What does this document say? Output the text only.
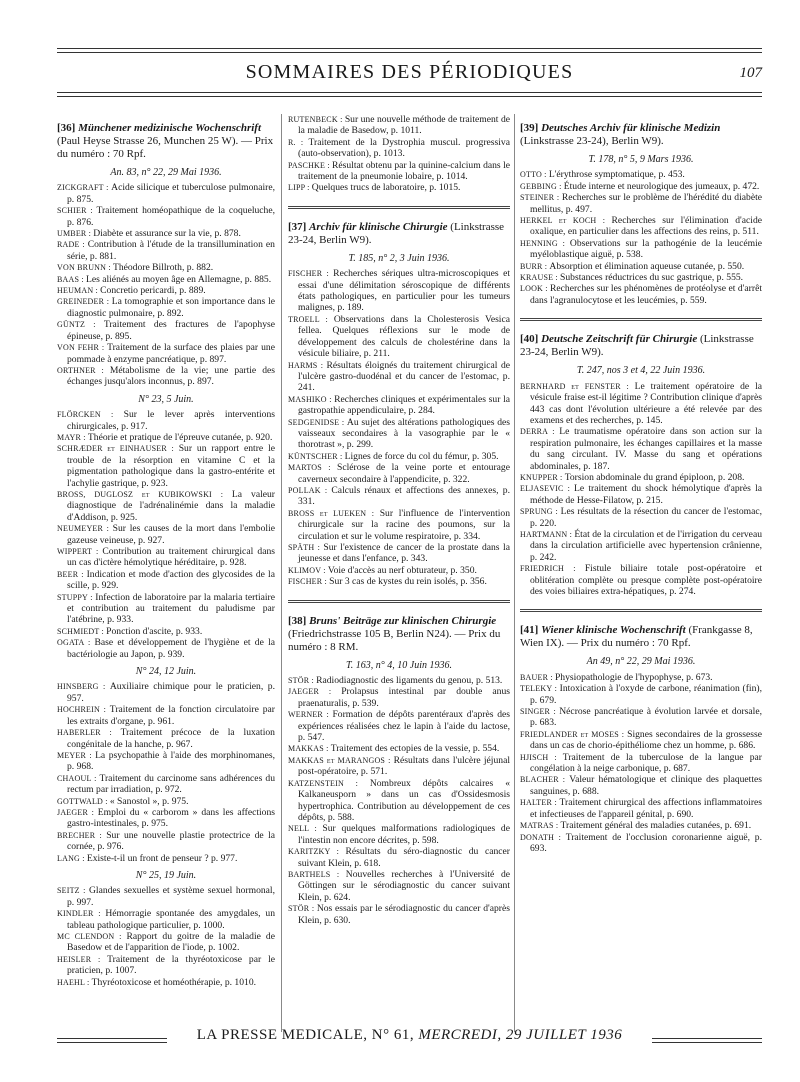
SOMMAIRES DES PÉRIODIQUES	107
[36] Münchener medizinische Wochenschrift (Paul Heyse Strasse 26, Munchen 25 W). — Prix du numéro : 70 Rpf.
An. 83, n° 22, 29 Mai 1936.

ZICKGRAFT : Acide silicique et tuberculose pulmonaire, p. 875.

SCHIER : Traitement homéopathique de la coqueluche, p. 876.

UMBER : Diabète et assurance sur la vie, p. 878.

RADE : Contribution à l'étude de la transillumination en série, p. 881.

VON BRUNN : Théodore Billroth, p. 882.

BAAS : Les aliénés au moyen âge en Allemagne, p. 885.

HEUMAN : Concretio pericardi, p. 889.

GREINEDER : La tomographie et son importance dans le diagnostic pulmonaire, p. 892.

GÜNTZ : Traitement des fractures de l'apophyse épineuse, p. 895.

VON FEHR : Traitement de la surface des plaies par une pommade à enzyme pancréatique, p. 897.

ORTHNER : Métabolisme de la vie; une partie des échanges jusqu'alors inconnus, p. 897.

N° 23, 5 Juin.

FLÖRCKEN : Sur le lever après interventions chirurgicales, p. 917.

MAYR : Théorie et pratique de l'épreuve cutanée, p. 920.

SCHRÆDER et EINHAUSER : Sur un rapport entre le trouble de la résorption en vitamine C et la pigmentation pathologique dans la gastro-entérite et l'achylie gastrique, p. 923.

BROSS, DUGLOSZ et KUBIKOWSKI : La valeur diagnostique de l'adrénalinémie dans la maladie d'Addison, p. 925.

NEUMEYER : Sur les causes de la mort dans l'embolie gazeuse veineuse, p. 927.

WIPPERT : Contribution au traitement chirurgical dans un cas d'ictère hémolytique héréditaire, p. 928.

BEER : Indication et mode d'action des glycosides de la scille, p. 929.

STUPPY : Infection de laboratoire par la malaria tertiaire et contribution au traitement du paludisme par l'atébrine, p. 933.

SCHMIEDT : Ponction d'ascite, p. 933.

OGATA : Base et développement de l'hygiène et de la bactériologie au Japon, p. 939.

N° 24, 12 Juin.

HINSBERG : Auxiliaire chimique pour le praticien, p. 957.

HOCHREIN : Traitement de la fonction circulatoire par les extraits d'organe, p. 961.

HABERLER : Traitement précoce de la luxation congénitale de la hanche, p. 967.

MEYER : La psychopathie à l'aide des morphinomanes, p. 968.

CHAOUL : Traitement du carcinome sans adhérences du rectum par irradiation, p. 972.

GOTTWALD : « Sanostol », p. 975.

JAEGER : Emploi du « carborom » dans les affections gastro-intestinales, p. 975.

BRECHER : Sur une nouvelle plastie protectrice de la cornée, p. 976.

LANG : Existe-t-il un front de penseur ? p. 977.

N° 25, 19 Juin.

SEITZ : Glandes sexuelles et système sexuel hormonal, p. 997.

KINDLER : Hémorragie spontanée des amygdales, un tableau pathologique particulier, p. 1000.

MC CLENDON : Rapport du goitre de la maladie de Basedow et de l'apparition de l'iode, p. 1002.

HEISLER : Traitement de la thyréotoxicose par le praticien, p. 1007.

HAEHL : Thyréotoxicose et homéothérapie, p. 1010.

RUTENBECK : Sur une nouvelle méthode de traitement de la maladie de Basedow, p. 1011.

R. : Traitement de la Dystrophia muscul. progressiva (auto-observation), p. 1013.

PASCHKE : Résultat obtenu par la quinine-calcium dans le traitement de la pneumonie lobaire, p. 1014.

LIPP : Quelques trucs de laboratoire, p. 1015.

[37] Archiv für klinische Chirurgie (Linkstrasse 23-24, Berlin W9).
T. 185, n° 2, 3 Juin 1936.

FISCHER : Recherches sériques ultra-microscopiques et essai d'une délimitation séroscopique de différents états pathologiques, en particulier pour les tumeurs malignes, p. 189.

TROELL : Observations dans la Cholesterosis Vesica fellea. Quelques réflexions sur le mode de développement des calculs de cholestérine dans la vésicule biliaire, p. 211.

HARMS : Résultats éloignés du traitement chirurgical de l'ulcère gastro-duodénal et du cancer de l'estomac, p. 241.

MASHIKO : Recherches cliniques et expérimentales sur la gastropathie appendiculaire, p. 284.

SEDGENIDSE : Au sujet des altérations pathologiques des vaisseaux secondaires à la vasographie par le « thorotrast », p. 299.

KÜNTSCHER : Lignes de force du col du fémur, p. 305.

MARTOS : Sclérose de la veine porte et entourage caverneux secondaire à l'appendicite, p. 322.

POLLAK : Calculs rénaux et affections des annexes, p. 331.

BROSS et LUEKEN : Sur l'influence de l'intervention chirurgicale sur la racine des poumons, sur la circulation et sur le volume respiratoire, p. 334.

SPÄTH : Sur l'existence de cancer de la prostate dans la jeunesse et dans l'enfance, p. 343.

KLIMOV : Voie d'accès au nerf obturateur, p. 350.

FISCHER : Sur 3 cas de kystes du rein isolés, p. 356.

[38] Bruns' Beiträge zur klinischen Chirurgie (Friedrichstrasse 105 B, Berlin N24). — Prix du numéro : 8 RM.
T. 163, n° 4, 10 Juin 1936.

STÖR : Radiodiagnostic des ligaments du genou, p. 513.

JAEGER : Prolapsus intestinal par double anus praenaturalis, p. 539.

WERNER : Formation de dépôts parentéraux d'après des expériences réalisées chez le lapin à l'aide du lactose, p. 547.

MAKKAS : Traitement des ectopies de la vessie, p. 554.

MAKKAS et MARANGOS : Résultats dans l'ulcère jéjunal post-opératoire, p. 571.

KATZENSTEIN : Nombreux dépôts calcaires « Kalkaneusporn » dans un cas d'Ossidesmosis hypertrophica. Contribution au développement de ces dépôts, p. 588.

NELL : Sur quelques malformations radiologiques de l'intestin non encore décrites, p. 598.

KARITZKY : Résultats du séro-diagnostic du cancer suivant Klein, p. 618.

BARTHELS : Nouvelles recherches à l'Université de Göttingen sur le sérodiagnostic du cancer suivant Klein, p. 624.

STÖR : Nos essais par le sérodiagnostic du cancer d'après Klein, p. 630.

[39] Deutsches Archiv für klinische Medizin (Linkstrasse 23-24), Berlin W9).
T. 178, n° 5, 9 Mars 1936.

OTTO : L'érythrose symptomatique, p. 453.

GEBBING : Étude interne et neurologique des jumeaux, p. 472.

STEINER : Recherches sur le problème de l'hérédité du diabète mellitus, p. 497.

HERKEL et KOCH : Recherches sur l'élimination d'acide oxalique, en particulier dans les affections des reins, p. 511.

HENNING : Observations sur la pathogénie de la leucémie myéloblastique aiguë, p. 538.

BURR : Absorption et élimination aqueuse cutanée, p. 550.

KRAUSE : Substances réductrices du suc gastrique, p. 555.

LOOK : Recherches sur les phénomènes de protéolyse et d'arrêt dans l'agranulocytose et les leucémies, p. 559.

[40] Deutsche Zeitschrift für Chirurgie (Linkstrasse 23-24, Berlin W9).
T. 247, nos 3 et 4, 22 Juin 1936.

BERNHARD et FENSTER : Le traitement opératoire de la vésicule fraise est-il légitime ? Contribution clinique d'après 443 cas dont l'évolution ultérieure a été relevée par des examens et des recherches, p. 145.

DERRA : Le traumatisme opératoire dans son action sur la respiration pulmonaire, les échanges capillaires et la masse du sang circulant. IV. Masse du sang et opérations abdominales, p. 187.

KNUPPER : Torsion abdominale du grand épiploon, p. 208.

ELJASEVIC : Le traitement du shock hémolytique d'après la méthode de Hesse-Filatow, p. 215.

SPRUNG : Les résultats de la résection du cancer de l'estomac, p. 220.

HARTMANN : État de la circulation et de l'irrigation du cerveau dans la circulation artificielle avec hypertension crânienne, p. 242.

FRIEDRICH : Fistule biliaire totale post-opératoire et oblitération complète ou presque complète post-opératoire des voies biliaires extra-hépatiques, p. 274.

[41] Wiener klinische Wochenschrift (Frankgasse 8, Wien IX). — Prix du numéro : 70 Rpf.
An 49, n° 22, 29 Mai 1936.

BAUER : Physiopathologie de l'hypophyse, p. 673.

TELEKY : Intoxication à l'oxyde de carbone, réanimation (fin), p. 679.

SINGER : Nécrose pancréatique à évolution larvée et dorsale, p. 683.

FRIEDLANDER et MOSES : Signes secondaires de la grossesse dans un cas de chorio-épithéliome chez un homme, p. 686.

HJISCH : Traitement de la tuberculose de la langue par congélation à la neige carbonique, p. 687.

BLACHER : Valeur hématologique et clinique des plaquettes sanguines, p. 688.

HALTER : Traitement chirurgical des affections inflammatoires et infectieuses de l'appareil génital, p. 690.

MATRAS : Traitement général des maladies cutanées, p. 691.

DONATH : Traitement de l'occlusion coronarienne aiguë, p. 693.

LA PRESSE MEDICALE, N° 61, MERCREDI, 29 JUILLET 1936
